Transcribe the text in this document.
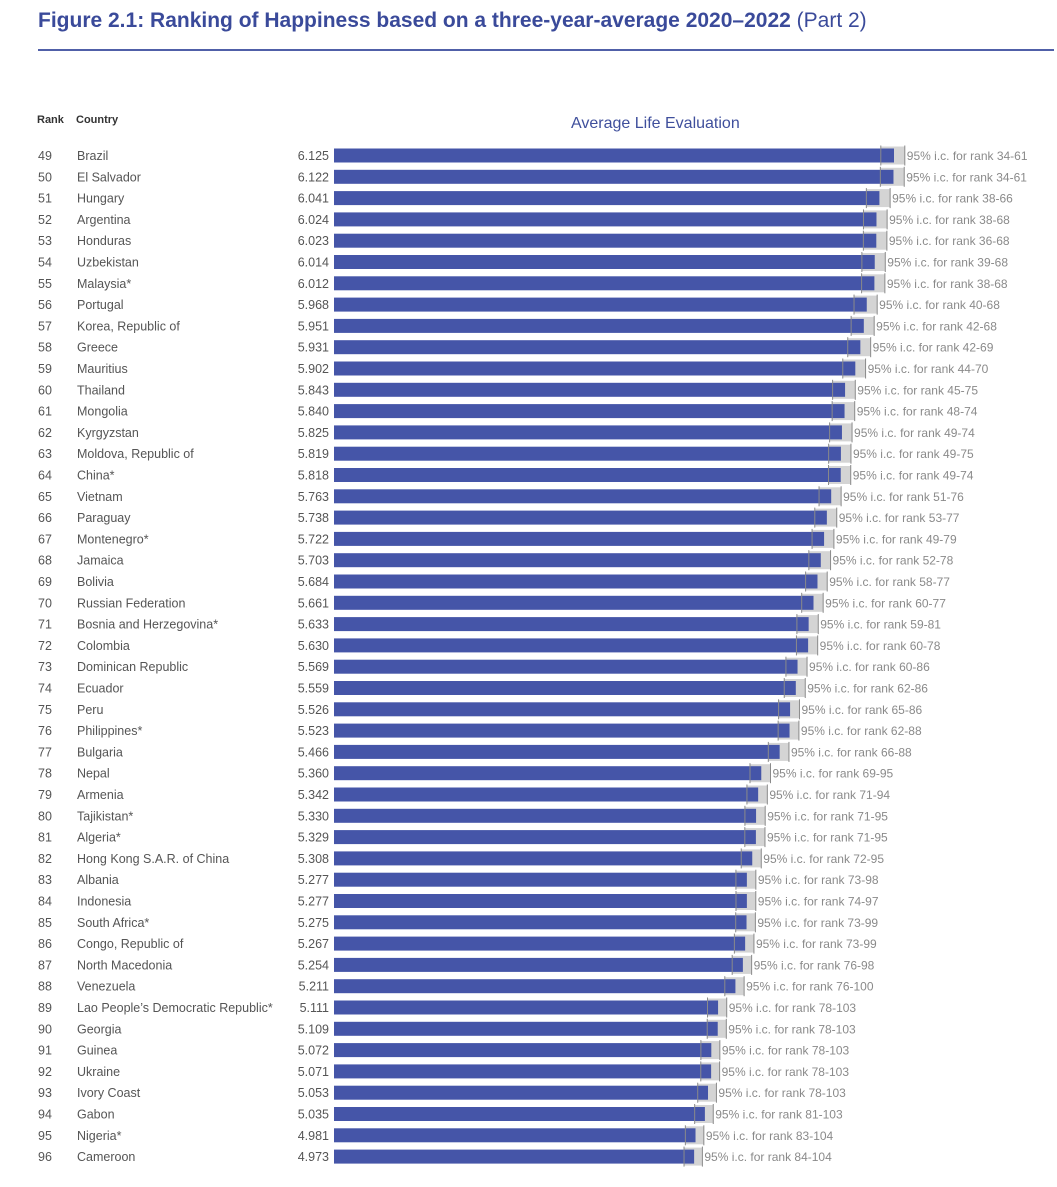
Figure 2.1: Ranking of Happiness based on a three-year-average 2020–2022 (Part 2)
Rank Country	Average Life Evaluation
49 Brazil	6.125	95% i.c. for rank 34-61
50 El Salvador	6.122	95% i.c. for rank 34-61
51 Hungary	6.041	95% i.c. for rank 38-66
52 Argentina	6.024	95% i.c. for rank 38-68
53 Honduras	6.023	95% i.c. for rank 36-68
54 Uzbekistan	6.014	95% i.c. for rank 39-68
55 Malaysia*	6.012	95% i.c. for rank 38-68
56 Portugal	5.968	95% i.c. for rank 40-68
57 Korea, Republic of	5.951	95% i.c. for rank 42-68
58 Greece	5.931	95% i.c. for rank 42-69
59 Mauritius	5.902	95% i.c. for rank 44-70
60 Thailand	5.843	95% i.c. for rank 45-75
61 Mongolia	5.840	95% i.c. for rank 48-74
62 Kyrgyzstan	5.825	95% i.c. for rank 49-74
63 Moldova, Republic of	5.819	95% i.c. for rank 49-75
64 China*	5.818	95% i.c. for rank 49-74
65 Vietnam	5.763	95% i.c. for rank 51-76
66 Paraguay	5.738	95% i.c. for rank 53-77
67 Montenegro*	5.722	95% i.c. for rank 49-79
68 Jamaica	5.703	95% i.c. for rank 52-78
69 Bolivia	5.684	95% i.c. for rank 58-77
70 Russian Federation	5.661	95% i.c. for rank 60-77
71 Bosnia and Herzegovina*	5.633	95% i.c. for rank 59-81
72 Colombia	5.630	95% i.c. for rank 60-78
73 Dominican Republic	5.569	95% i.c. for rank 60-86
74 Ecuador	5.559	95% i.c. for rank 62-86
75 Peru	5.526	95% i.c. for rank 65-86
76 Philippines*	5.523	95% i.c. for rank 62-88
77 Bulgaria	5.466	95% i.c. for rank 66-88
78 Nepal	5.360	95% i.c. for rank 69-95
79 Armenia	5.342	95% i.c. for rank 71-94
80 Tajikistan*	5.330	95% i.c. for rank 71-95
81 Algeria*	5.329	95% i.c. for rank 71-95
82 Hong Kong S.A.R. of China	5.308	95% i.c. for rank 72-95
83 Albania	5.277	95% i.c. for rank 73-98
84 Indonesia	5.277	95% i.c. for rank 74-97
85 South Africa*	5.275	95% i.c. for rank 73-99
86 Congo, Republic of	5.267	95% i.c. for rank 73-99
87 North Macedonia	5.254	95% i.c. for rank 76-98
88 Venezuela	5.211	95% i.c. for rank 76-100
89 Lao People’s Democratic Republic* 5.111	95% i.c. for rank 78-103
90 Georgia	5.109	95% i.c. for rank 78-103
91 Guinea	5.072	95% i.c. for rank 78-103
92 Ukraine	5.071	95% i.c. for rank 78-103
93 Ivory Coast	5.053	95% i.c. for rank 78-103
94 Gabon	5.035	95% i.c. for rank 81-103
95 Nigeria*	4.981	95% i.c. for rank 83-104
96 Cameroon	4.973	95% i.c. for rank 84-104
